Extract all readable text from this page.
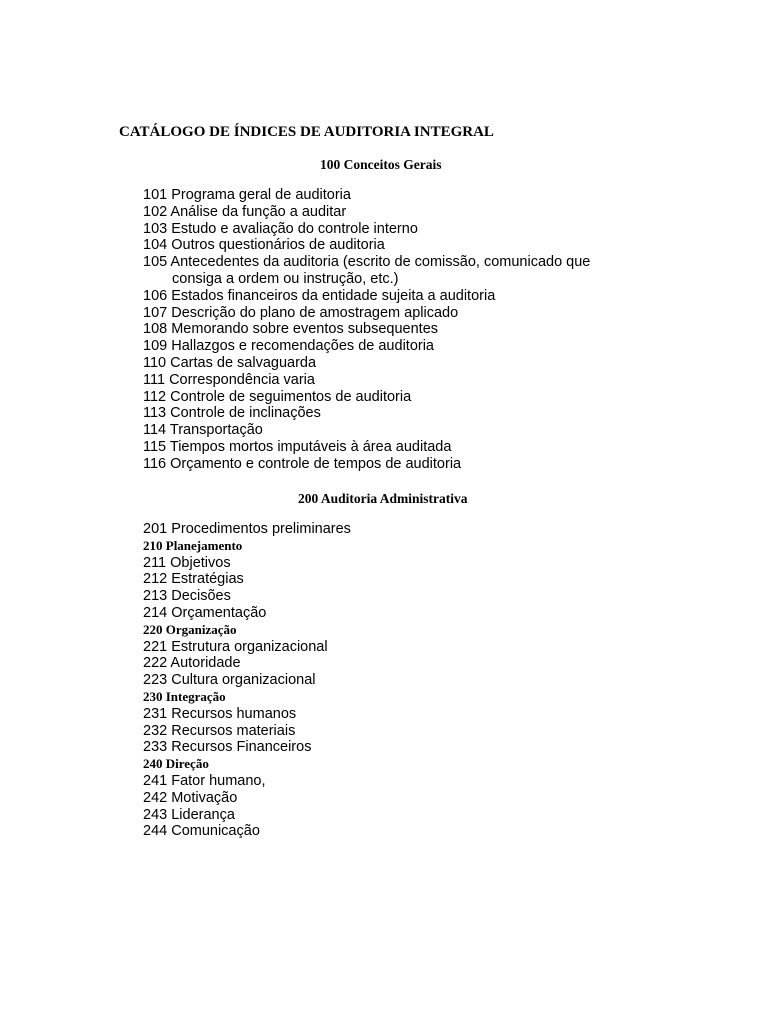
CATÁLOGO DE ÍNDICES DE AUDITORIA INTEGRAL
100 Conceitos Gerais
101 Programa geral de auditoria
102 Análise da função a auditar
103 Estudo e avaliação do controle interno
104 Outros questionários de auditoria
105 Antecedentes da auditoria (escrito de comissão, comunicado que
consiga a ordem ou instrução, etc.)
106 Estados financeiros da entidade sujeita a auditoria
107 Descrição do plano de amostragem aplicado
108 Memorando sobre eventos subsequentes
109 Hallazgos e recomendações de auditoria
110 Cartas de salvaguarda
111 Correspondência varia
112 Controle de seguimentos de auditoria
113 Controle de inclinações
114 Transportação
115 Tiempos mortos imputáveis à área auditada
116 Orçamento e controle de tempos de auditoria
200 Auditoria Administrativa
201 Procedimentos preliminares
210 Planejamento
211 Objetivos
212 Estratégias
213 Decisões
214 Orçamentação
220 Organização
221 Estrutura organizacional
222 Autoridade
223 Cultura organizacional
230 Integração
231 Recursos humanos
232 Recursos materiais
233 Recursos Financeiros
240 Direção
241 Fator humano,
242 Motivação
243 Liderança
244 Comunicação
